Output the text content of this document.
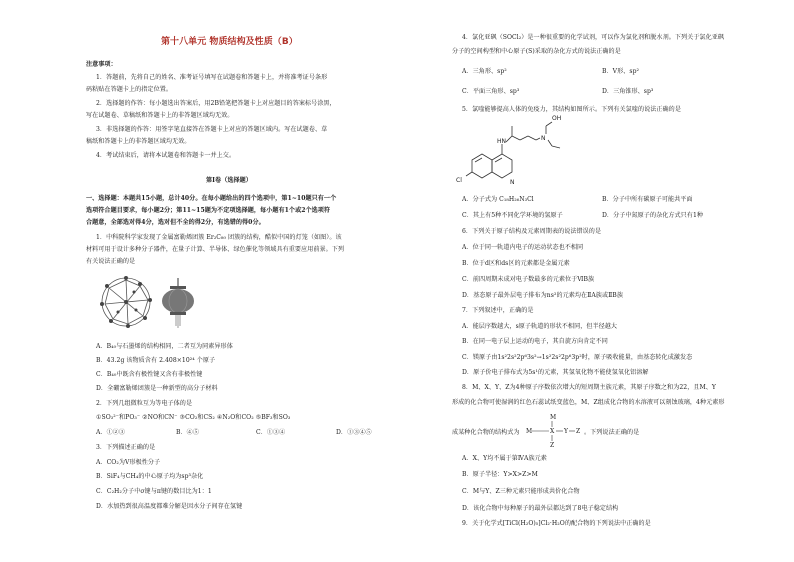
第十八单元 物质结构及性质（B）
注意事项：
1．答题前，先将自己的姓名、准考证号填写在试题卷和答题卡上，并将准考证号条形
码粘贴在答题卡上的指定位置。
2．选择题的作答：每小题选出答案后，用2B铅笔把答题卡上对应题目的答案标号涂黑，
写在试题卷、草稿纸和答题卡上的非答题区域均无效。
3．非选择题的作答：用签字笔直接答在答题卡上对应的答题区域内。写在试题卷、草
稿纸和答题卡上的非答题区域均无效。
4．考试结束后，请将本试题卷和答题卡一并上交。
第Ⅰ卷（选择题）
一、选择题：本题共15小题，总计40分。在每小题给出的四个选项中，第1~10题只有一个
选项符合题目要求，每小题2分；第11~15题为不定项选择题，每小题有1个或2个选项符
合题意，全部选对得4分，选对但不全的得2分，有选错的得0分。
1．中科院科学家发现了金属富勒烯团簇 Er₂C₈₀ 团簇的结构，酷似中国的灯笼（如图）。该
材料可用于设计多种分子器件，在量子计算、半导体、绿色催化等领域具有重要应用前景。下列
有关说法正确的是
A．B₄₀与石墨烯的结构相同，二者互为同素异形体
B．43.2g 该物质含有 2.408×10²⁴ 个原子
C．B₄₀中既含有极性键又含有非极性键
D．全硼富勒烯团簇是一种新型的高分子材料
2．下列几组微粒互为等电子体的是
①SO₃²⁻和PO₃⁻ ②NO和CN⁻ ③CO₂和CS₂ ④N₂O和CO₂ ⑤BF₃和SO₃
A．①②③	B．④⑤	C．①③④	D．①③④⑤
3．下列描述正确的是
A．CO₂为V形极性分子
B．SiF₄与CH₄的中心原子均为sp³杂化
C．C₂H₂分子中σ键与π键的数目比为1：1
D．水加热到很高温度都难分解是因水分子间存在氢键
4．氯化亚砜（SOCl₂）是一种很重要的化学试剂，可以作为氯化剂和脱水剂。下列关于氯化亚砜
分子的空间构型和中心原子(S)采取的杂化方式的说法正确的是
A．三角形、sp²	B．V形、sp²
C．平面三角形、sp³	D．三角锥形、sp³
5．氯喹能够提高人体的免疫力，其结构如图所示。下列有关氯喹的说法正确的是
OH
HN	N
N
Cl
A．分子式为 C₁₈H₂₆N₃Cl	B．分子中所有碳原子可能共平面
C．其上有5种不同化学环境的氢原子	D．分子中氮原子的杂化方式只有1种
6．下列关于原子结构及元素周期表的说法错误的是
A．位于同一轨道内电子的运动状态也不相同
B．位于d区和ds区的元素都是金属元素
C．前四周期未成对电子数最多的元素位于ⅥB族
D．基态原子最外层电子排布为ns²的元素均在ⅡA族或ⅡB族
7．下列叙述中，正确的是
A．能层序数越大，s原子轨道的形状不相同，但半径越大
B．在同一电子层上运动的电子，其自旋方向肯定不同
C．镁原子由1s²2s²2p⁶3s²→1s²2s²2p⁶3p²时，原子吸收能量，由基态转化成激发态
D．原子价电子排布式为5s¹的元素，其氢氧化物不能使氢氧化铝溶解
8．M、X、Y、Z为4种原子序数依次增大的短周期主族元素，其原子序数之和为22，且M、Y
形成的化合物可使湿润的红色石蕊试纸变蓝色，M、Z组成化合物的水溶液可以刻蚀玻璃，4种元素形
成某种化合物的结构式为
M
M	X Y Z
Z
。下列说法正确的是
A．X、Y均不属于第ⅣA族元素
B．原子半径：Y>X>Z>M
C．M与Y、Z三种元素只能形成共价化合物
D．该化合物中每种原子的最外层都达到了8电子稳定结构
9．关于化学式[TiCl(H₂O)₅]Cl₂·H₂O的配合物的下列说法中正确的是
